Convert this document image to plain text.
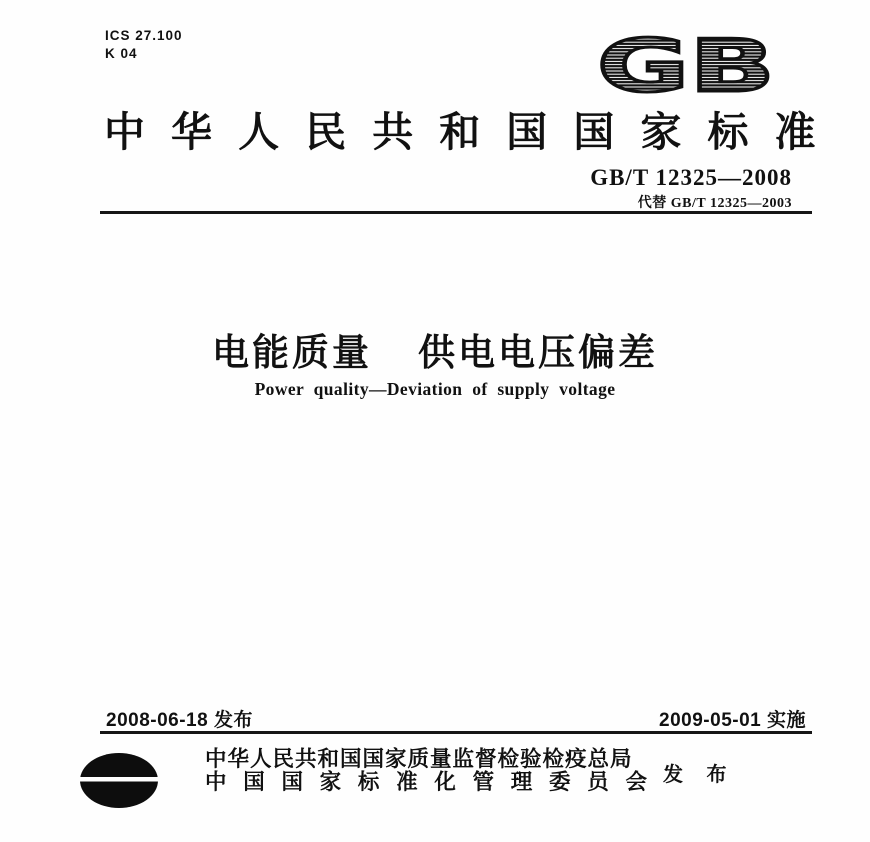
ICS 27.100
K 04	GB
中华人民共和国国家标准
GB/T 12325—2008
代替 GB/T 12325—2003
电能质量 供电电压偏差
Power quality—Deviation of supply voltage
2008-06-18 发布	2009-05-01 实施
中华人民共和国国家质量监督检验检疫总局
中国国家标准化管理委员会 发 布
